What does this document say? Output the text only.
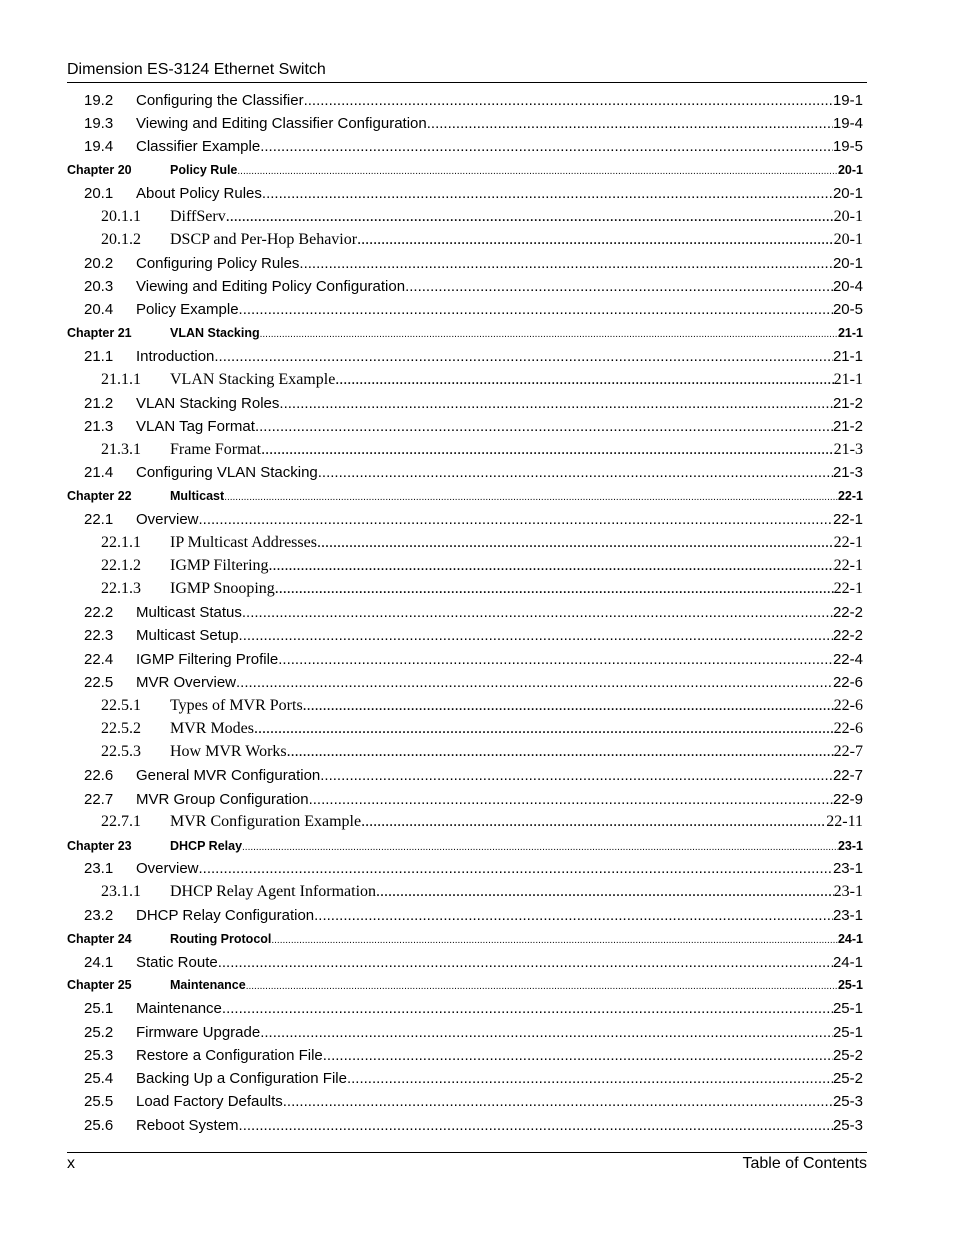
Dimension ES-3124 Ethernet Switch
19.2 Configuring the Classifier .....	19-1
19.3 Viewing and Editing Classifier Configuration .....	19-4
19.4 Classifier Example .....	19-5
Chapter 20	Policy Rule .....	20-1
20.1 About Policy Rules .....	20-1
20.1.1 DiffServ .....	20-1
20.1.2 DSCP and Per-Hop Behavior .....	20-1
20.2 Configuring Policy Rules .....	20-1
20.3 Viewing and Editing Policy Configuration .....	20-4
20.4 Policy Example .....	20-5
Chapter 21	VLAN Stacking .....	21-1
21.1 Introduction .....	21-1
21.1.1 VLAN Stacking Example .....	21-1
21.2 VLAN Stacking Roles .....	21-2
21.3 VLAN Tag Format .....	21-2
21.3.1 Frame Format .....	21-3
21.4 Configuring VLAN Stacking .....	21-3
Chapter 22	Multicast .....	22-1
22.1 Overview .....	22-1
22.1.1 IP Multicast Addresses .....	22-1
22.1.2 IGMP Filtering .....	22-1
22.1.3 IGMP Snooping .....	22-1
22.2 Multicast Status .....	22-2
22.3 Multicast Setup .....	22-2
22.4 IGMP Filtering Profile .....	22-4
22.5 MVR Overview .....	22-6
22.5.1 Types of MVR Ports .....	22-6
22.5.2 MVR Modes .....	22-6
22.5.3 How MVR Works .....	22-7
22.6 General MVR Configuration .....	22-7
22.7 MVR Group Configuration .....	22-9
22.7.1 MVR Configuration Example .....	22-11
Chapter 23	DHCP Relay .....	23-1
23.1 Overview .....	23-1
23.1.1 DHCP Relay Agent Information .....	23-1
23.2 DHCP Relay Configuration .....	23-1
Chapter 24	Routing Protocol .....	24-1
24.1 Static Route .....	24-1
Chapter 25	Maintenance .....	25-1
25.1 Maintenance .....	25-1
25.2 Firmware Upgrade .....	25-1
25.3 Restore a Configuration File .....	25-2
25.4 Backing Up a Configuration File .....	25-2
25.5 Load Factory Defaults .....	25-3
25.6 Reboot System .....	25-3
x	Table of Contents
